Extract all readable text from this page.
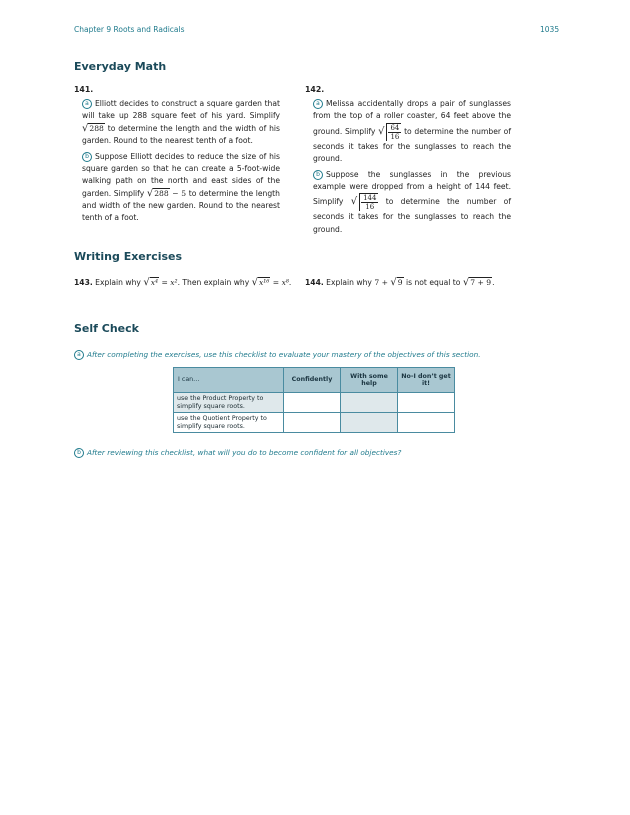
Chapter 9 Roots and Radicals	1035
Everyday Math
141.
a Elliott decides to construct a square garden that will take up 288 square feet of his yard. Simplify √288 to determine the length and the width of his garden. Round to the nearest tenth of a foot.
b Suppose Elliott decides to reduce the size of his square garden so that he can create a 5-foot-wide walking path on the north and east sides of the garden. Simplify √288 − 5 to determine the length and width of the new garden. Round to the nearest tenth of a foot.
142.
a Melissa accidentally drops a pair of sunglasses from the top of a roller coaster, 64 feet above the ground. Simplify √ $\frac{64}{16}$ to determine the number of seconds it takes for the sunglasses to reach the ground.
b Suppose the sunglasses in the previous example were dropped from a height of 144 feet. Simplify √ $\frac{144}{16}$ to determine the number of seconds it takes for the sunglasses to reach the ground.
Writing Exercises
143. Explain why √x⁴ = x². Then explain why √x¹⁶ = x⁸. 144. Explain why 7 + √9 is not equal to √7 + 9.
Self Check
a After completing the exercises, use this checklist to evaluate your mastery of the objectives of this section.
I can…	Confidently	With some help	No-I don’t get it!
use the Product Property to simplify square roots.			
use the Quotient Property to simplify square roots.			
b After reviewing this checklist, what will you do to become confident for all objectives?
